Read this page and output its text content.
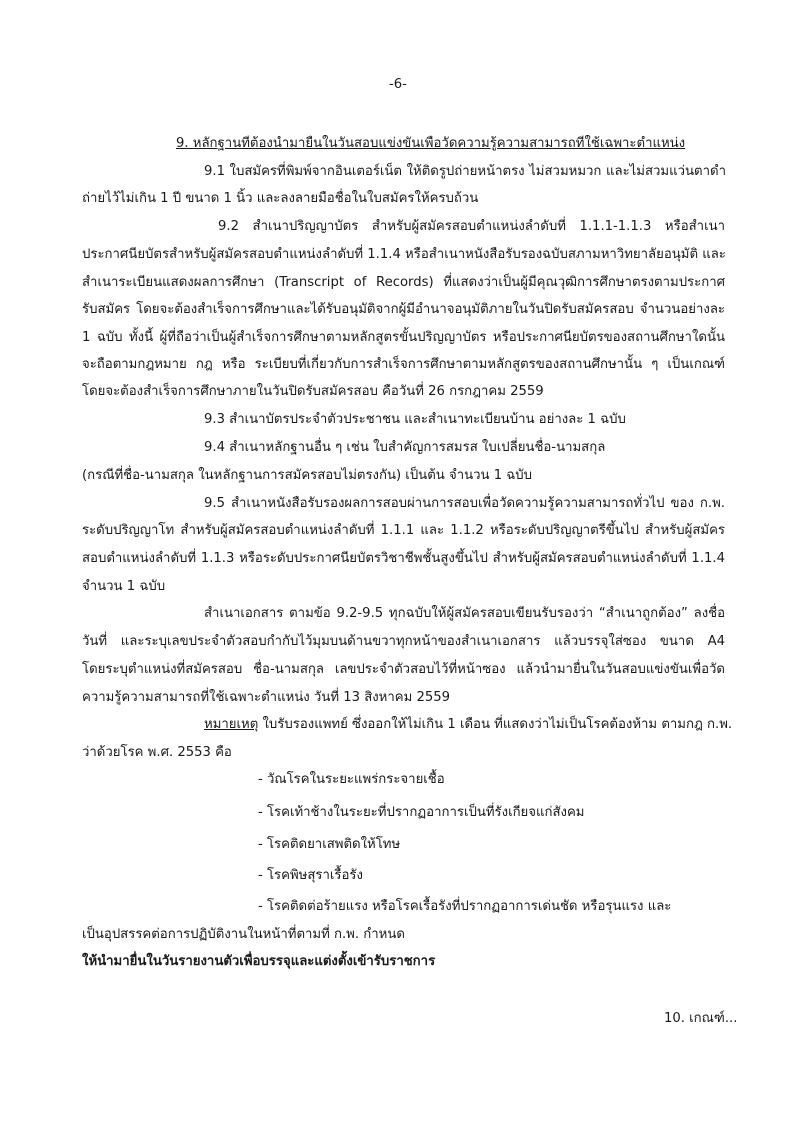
-6-
9. หลักฐานที่ต้องนำมายื่นในวันสอบแข่งขันเพื่อวัดความรู้ความสามารถที่ใช้เฉพาะตำแหน่ง
9.1 ใบสมัครที่พิมพ์จากอินเตอร์เน็ต ให้ติดรูปถ่ายหน้าตรง ไม่สวมหมวก และไม่สวมแว่นตาดำ
ถ่ายไว้ไม่เกิน 1 ปี ขนาด 1 นิ้ว และลงลายมือชื่อในใบสมัครให้ครบถ้วน
9.2 สำเนาปริญญาบัตร สำหรับผู้สมัครสอบตำแหน่งลำดับที่ 1.1.1-1.1.3 หรือสำเนา
ประกาศนียบัตรสำหรับผู้สมัครสอบตำแหน่งลำดับที่ 1.1.4 หรือสำเนาหนังสือรับรองฉบับสภามหาวิทยาลัยอนุมัติ และ
สำเนาระเบียนแสดงผลการศึกษา (Transcript of Records) ที่แสดงว่าเป็นผู้มีคุณวุฒิการศึกษาตรงตามประกาศ
รับสมัคร โดยจะต้องสำเร็จการศึกษาและได้รับอนุมัติจากผู้มีอำนาจอนุมัติภายในวันปิดรับสมัครสอบ จำนวนอย่างละ
1 ฉบับ ทั้งนี้ ผู้ที่ถือว่าเป็นผู้สำเร็จการศึกษาตามหลักสูตรขั้นปริญญาบัตร หรือประกาศนียบัตรของสถานศึกษาใดนั้น
จะถือตามกฎหมาย กฎ หรือ ระเบียบที่เกี่ยวกับการสำเร็จการศึกษาตามหลักสูตรของสถานศึกษานั้น ๆ เป็นเกณฑ์
โดยจะต้องสำเร็จการศึกษาภายในวันปิดรับสมัครสอบ คือวันที่ 26 กรกฎาคม 2559
9.3 สำเนาบัตรประจำตัวประชาชน และสำเนาทะเบียนบ้าน อย่างละ 1 ฉบับ
9.4 สำเนาหลักฐานอื่น ๆ เช่น ใบสำคัญการสมรส ใบเปลี่ยนชื่อ-นามสกุล
(กรณีที่ชื่อ-นามสกุล ในหลักฐานการสมัครสอบไม่ตรงกัน) เป็นต้น จำนวน 1 ฉบับ
9.5 สำเนาหนังสือรับรองผลการสอบผ่านการสอบเพื่อวัดความรู้ความสามารถทั่วไป ของ ก.พ.
ระดับปริญญาโท สำหรับผู้สมัครสอบตำแหน่งลำดับที่ 1.1.1 และ 1.1.2 หรือระดับปริญญาตรีขึ้นไป สำหรับผู้สมัคร
สอบตำแหน่งลำดับที่ 1.1.3 หรือระดับประกาศนียบัตรวิชาชีพชั้นสูงขึ้นไป สำหรับผู้สมัครสอบตำแหน่งลำดับที่ 1.1.4
จำนวน 1 ฉบับ
สำเนาเอกสาร ตามข้อ 9.2-9.5 ทุกฉบับให้ผู้สมัครสอบเขียนรับรองว่า “สำเนาถูกต้อง” ลงชื่อ
วันที่ และระบุเลขประจำตัวสอบกำกับไว้มุมบนด้านขวาทุกหน้าของสำเนาเอกสาร แล้วบรรจุใส่ซอง ขนาด A4
โดยระบุตำแหน่งที่สมัครสอบ ชื่อ-นามสกุล เลขประจำตัวสอบไว้ที่หน้าซอง แล้วนำมายื่นในวันสอบแข่งขันเพื่อวัด
ความรู้ความสามารถที่ใช้เฉพาะตำแหน่ง วันที่ 13 สิงหาคม 2559
หมายเหตุ ใบรับรองแพทย์ ซึ่งออกให้ไม่เกิน 1 เดือน ที่แสดงว่าไม่เป็นโรคต้องห้าม ตามกฎ ก.พ.
ว่าด้วยโรค พ.ศ. 2553 คือ
- วัณโรคในระยะแพร่กระจายเชื้อ
- โรคเท้าช้างในระยะที่ปรากฏอาการเป็นที่รังเกียจแก่สังคม
- โรคติดยาเสพติดให้โทษ
- โรคพิษสุราเรื้อรัง
- โรคติดต่อร้ายแรง หรือโรคเรื้อรังที่ปรากฏอาการเด่นชัด หรือรุนแรง และ
เป็นอุปสรรคต่อการปฏิบัติงานในหน้าที่ตามที่ ก.พ. กำหนด
ให้นำมายื่นในวันรายงานตัวเพื่อบรรจุและแต่งตั้งเข้ารับราชการ
10. เกณฑ์...
